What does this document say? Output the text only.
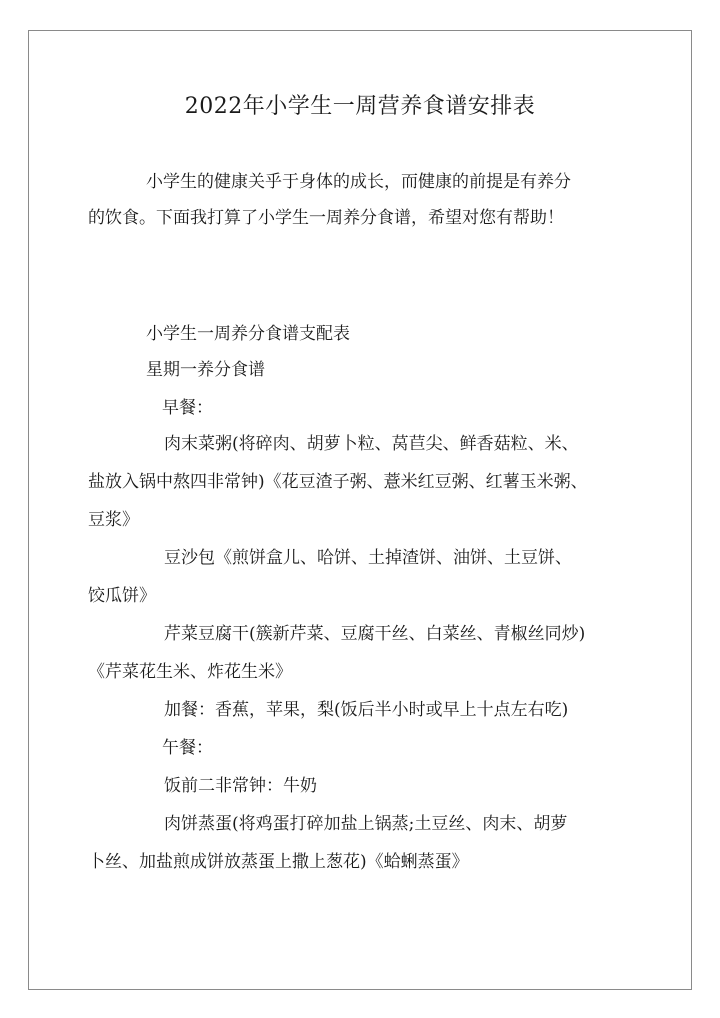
2022年小学生一周营养食谱安排表
小学生的健康关乎于身体的成长，而健康的前提是有养分
的饮食。下面我打算了小学生一周养分食谱，希望对您有帮助！
小学生一周养分食谱支配表
星期一养分食谱
早餐：
肉末菜粥(将碎肉、胡萝卜粒、莴苣尖、鲜香菇粒、米、
盐放入锅中熬四非常钟)《花豆渣子粥、薏米红豆粥、红薯玉米粥、
豆浆》
豆沙包《煎饼盒儿、哈饼、土掉渣饼、油饼、土豆饼、
饺瓜饼》
芹菜豆腐干(簇新芹菜、豆腐干丝、白菜丝、青椒丝同炒)
《芹菜花生米、炸花生米》
加餐：香蕉，苹果，梨(饭后半小时或早上十点左右吃)
午餐：
饭前二非常钟：牛奶
肉饼蒸蛋(将鸡蛋打碎加盐上锅蒸;土豆丝、肉末、胡萝
卜丝、加盐煎成饼放蒸蛋上撒上葱花)《蛤蜊蒸蛋》
